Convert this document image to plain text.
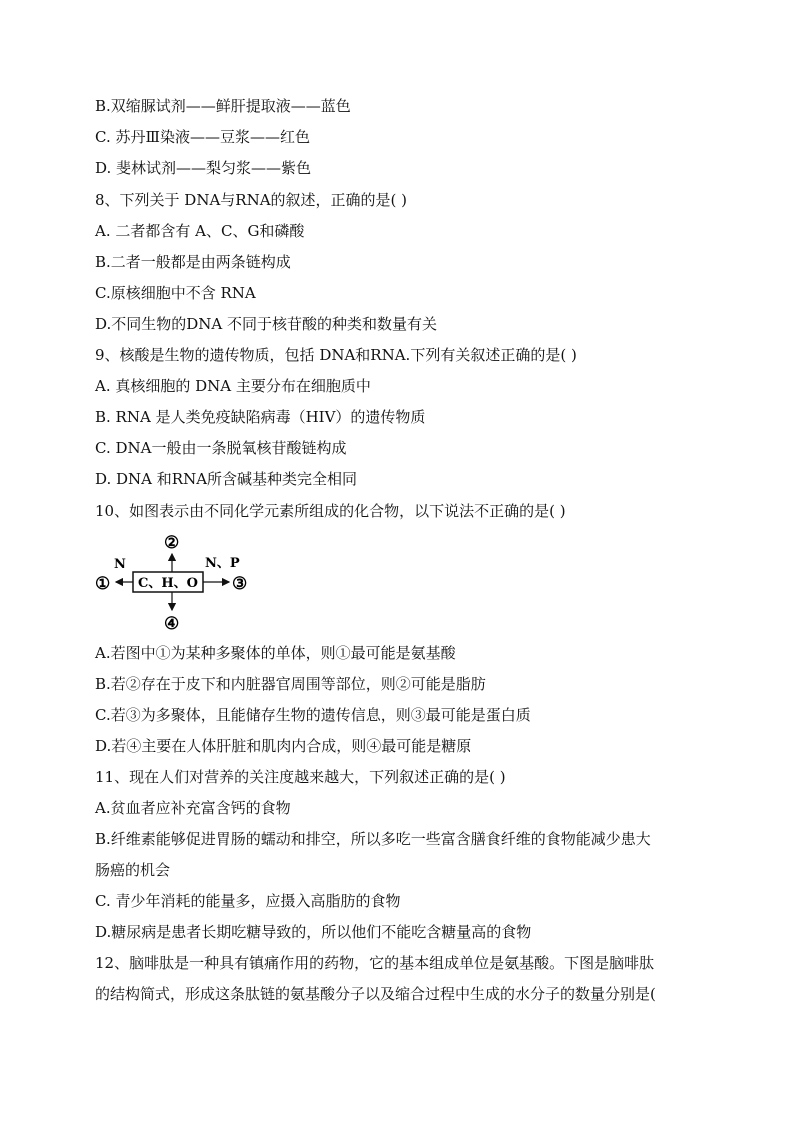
B.双缩脲试剂——鲜肝提取液——蓝色
C. 苏丹Ⅲ染液——豆浆——红色
D. 斐林试剂——梨匀浆——紫色
8、下列关于 DNA与RNA的叙述，正确的是( )
A. 二者都含有 A、C、G和磷酸
B.二者一般都是由两条链构成
C.原核细胞中不含 RNA
D.不同生物的DNA 不同于核苷酸的种类和数量有关
9、核酸是生物的遗传物质，包括 DNA和RNA.下列有关叙述正确的是( )
A. 真核细胞的 DNA 主要分布在细胞质中
B. RNA 是人类免疫缺陷病毒（HIV）的遗传物质
C. DNA一般由一条脱氧核苷酸链构成
D. DNA 和RNA所含碱基种类完全相同
10、如图表示由不同化学元素所组成的化合物，以下说法不正确的是( )
C、H、O
N	N、P
①
②
③
④
A.若图中①为某种多聚体的单体，则①最可能是氨基酸
B.若②存在于皮下和内脏器官周围等部位，则②可能是脂肪
C.若③为多聚体，且能储存生物的遗传信息，则③最可能是蛋白质
D.若④主要在人体肝脏和肌肉内合成，则④最可能是糖原
11、现在人们对营养的关注度越来越大，下列叙述正确的是( )
A.贫血者应补充富含钙的食物
B.纤维素能够促进胃肠的蠕动和排空，所以多吃一些富含膳食纤维的食物能减少患大
肠癌的机会
C. 青少年消耗的能量多，应摄入高脂肪的食物
D.糖尿病是患者长期吃糖导致的，所以他们不能吃含糖量高的食物
12、脑啡肽是一种具有镇痛作用的药物，它的基本组成单位是氨基酸。下图是脑啡肽
的结构简式，形成这条肽链的氨基酸分子以及缩合过程中生成的水分子的数量分别是(
